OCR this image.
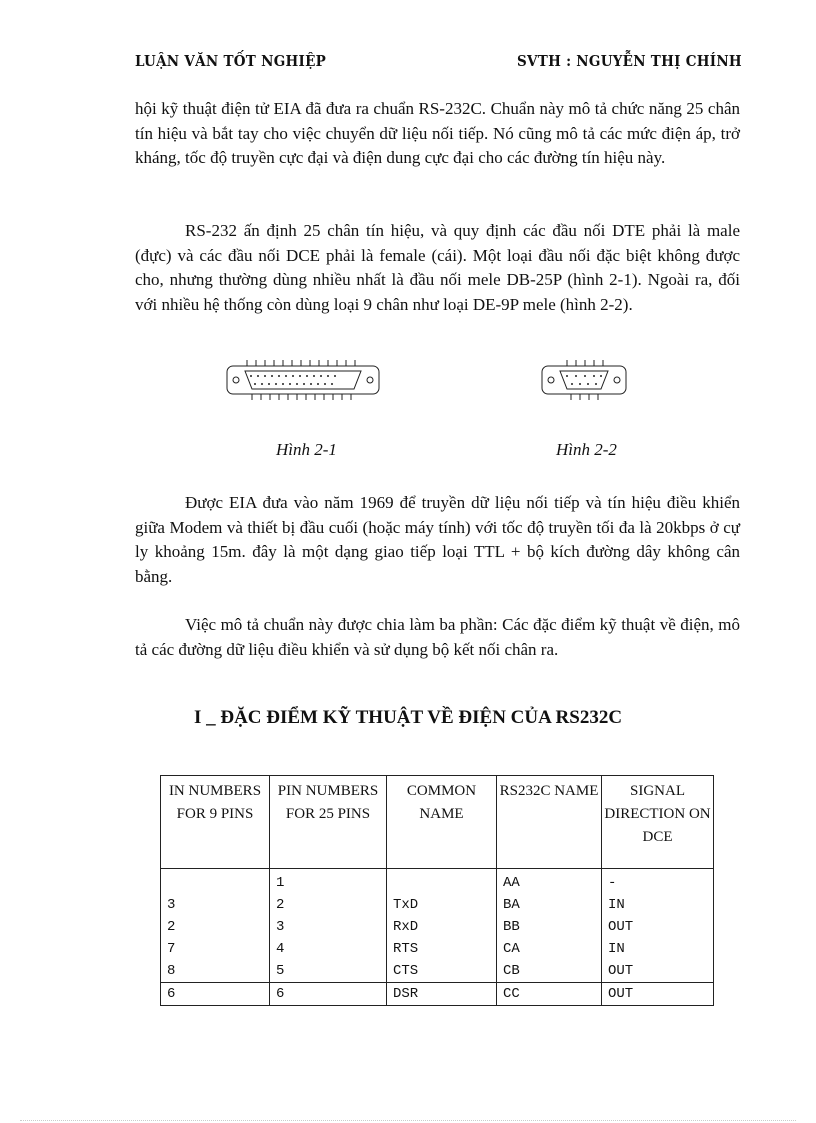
LUẬN VĂN TỐT NGHIỆP	SVTH : NGUYỄN THỊ CHÍNH

hội kỹ thuật điện tử EIA đã đưa ra chuẩn RS-232C. Chuẩn này mô tả chức năng 25 chân tín hiệu và bắt tay cho việc chuyển dữ liệu nối tiếp. Nó cũng mô tả các mức điện áp, trở kháng, tốc độ truyền cực đại và điện dung cực đại cho các đường tín hiệu này.

RS-232 ấn định 25 chân tín hiệu, và quy định các đầu nối DTE phải là male (đực) và các đầu nối DCE phải là female (cái). Một loại đầu nối đặc biệt không được cho, nhưng thường dùng nhiều nhất là đầu nối mele DB-25P (hình 2-1). Ngoài ra, đối với nhiều hệ thống còn dùng loại 9 chân như loại DE-9P mele (hình 2-2).

Hình 2-1	Hình 2-2

Được EIA đưa vào năm 1969 để truyền dữ liệu nối tiếp và tín hiệu điều khiển giữa Modem và thiết bị đầu cuối (hoặc máy tính) với tốc độ truyền tối đa là 20kbps ở cự ly khoảng 15m. đây là một dạng giao tiếp loại TTL + bộ kích đường dây không cân bằng.

Việc mô tả chuẩn này được chia làm ba phần: Các đặc điểm kỹ thuật về điện, mô tả các đường dữ liệu điều khiển và sử dụng bộ kết nối chân ra.

I _ ĐẶC ĐIỂM KỸ THUẬT VỀ ĐIỆN CỦA RS232C
IN NUMBERS FOR 9 PINS	PIN NUMBERS FOR 25 PINS	COMMON NAME	RS232C NAME	SIGNAL DIRECTION ON DCE
	1		AA	-
3	2	TxD	BA	IN
2	3	RxD	BB	OUT
7	4	RTS	CA	IN
8	5	CTS	CB	OUT
6	6	DSR	CC	OUT
